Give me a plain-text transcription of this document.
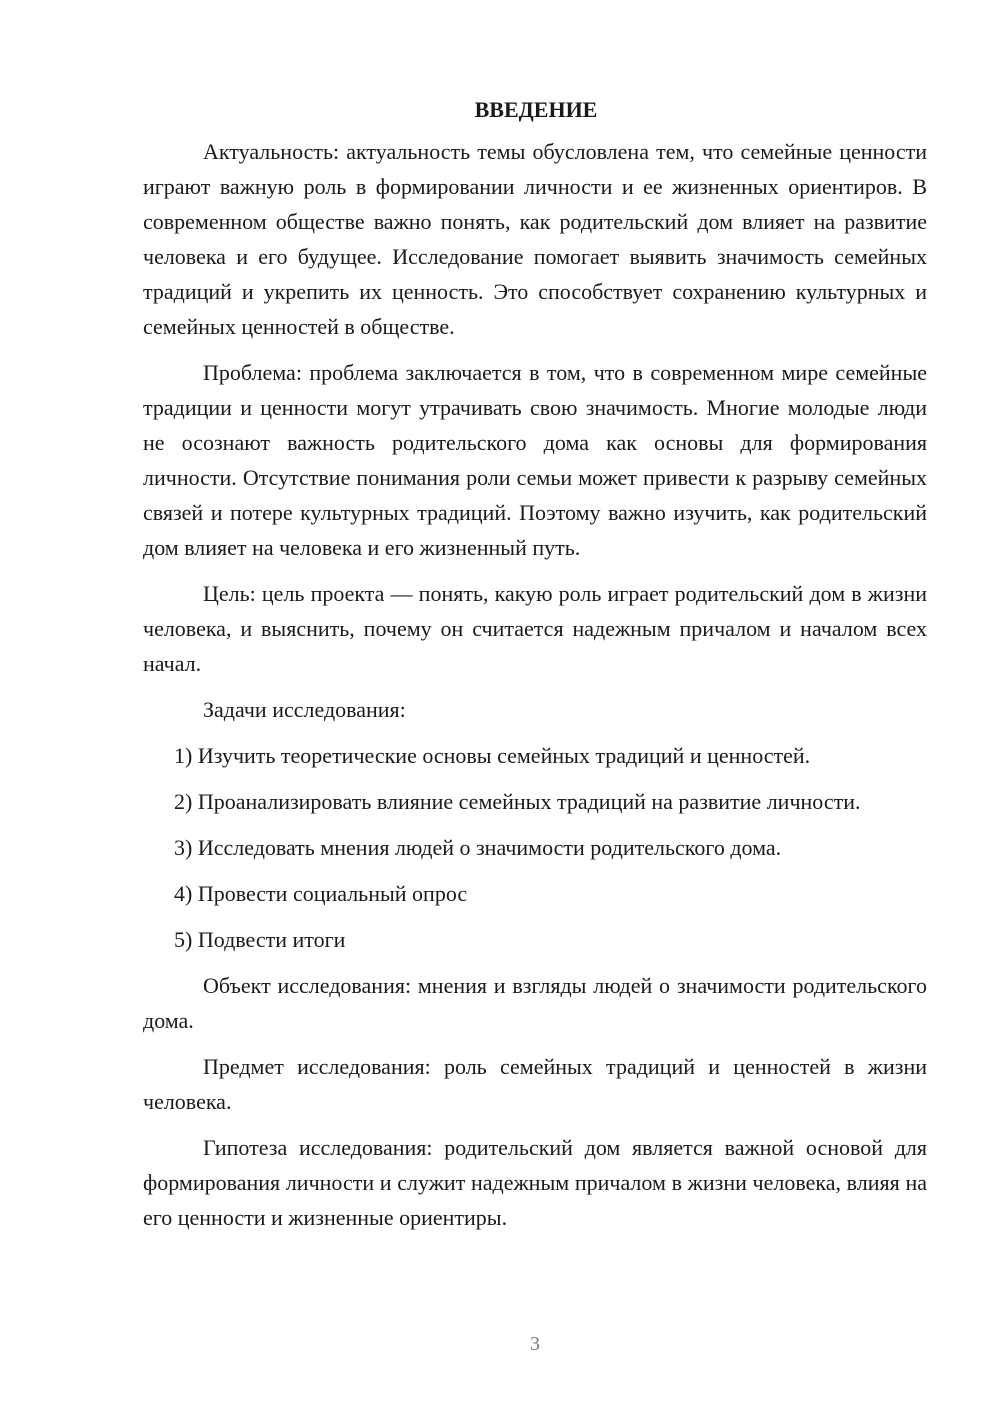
ВВЕДЕНИЕ

Актуальность: актуальность темы обусловлена тем, что семейные ценности играют важную роль в формировании личности и ее жизненных ориентиров. В современном обществе важно понять, как родительский дом влияет на развитие человека и его будущее. Исследование помогает выявить значимость семейных традиций и укрепить их ценность. Это способствует сохранению культурных и семейных ценностей в обществе.

Проблема: проблема заключается в том, что в современном мире семейные традиции и ценности могут утрачивать свою значимость. Многие молодые люди не осознают важность родительского дома как основы для формирования личности. Отсутствие понимания роли семьи может привести к разрыву семейных связей и потере культурных традиций. Поэтому важно изучить, как родительский дом влияет на человека и его жизненный путь.

Цель: цель проекта — понять, какую роль играет родительский дом в жизни человека, и выяснить, почему он считается надежным причалом и началом всех начал.

Задачи исследования:

1) Изучить теоретические основы семейных традиций и ценностей.

2) Проанализировать влияние семейных традиций на развитие личности.

3) Исследовать мнения людей о значимости родительского дома.

4) Провести социальный опрос

5) Подвести итоги

Объект исследования: мнения и взгляды людей о значимости родительского дома.

Предмет исследования: роль семейных традиций и ценностей в жизни человека.

Гипотеза исследования: родительский дом является важной основой для формирования личности и служит надежным причалом в жизни человека, влияя на его ценности и жизненные ориентиры.

3
